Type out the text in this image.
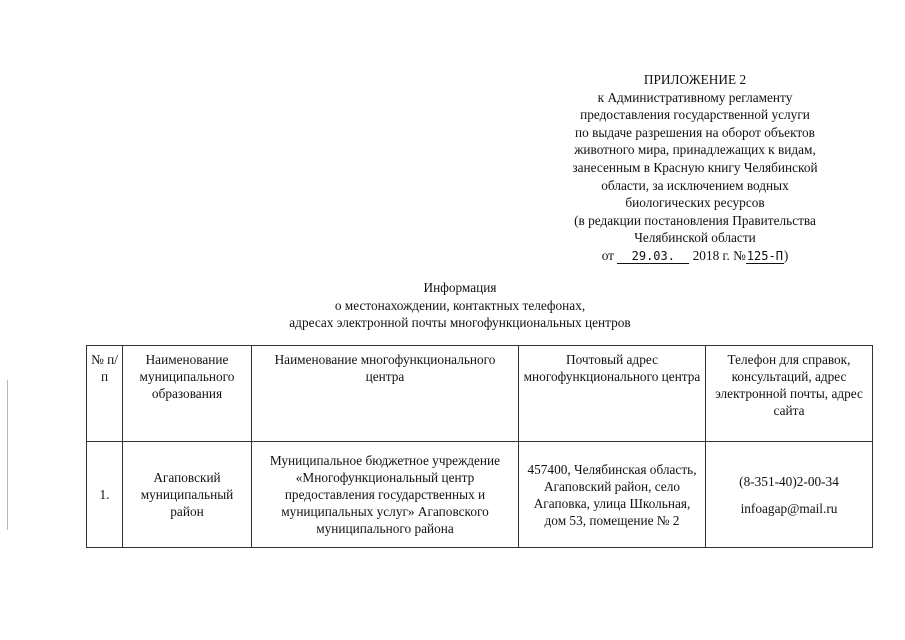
ПРИЛОЖЕНИЕ 2
к Административному регламенту
предоставления государственной услуги
по выдаче разрешения на оборот объектов
животного мира, принадлежащих к видам,
занесенным в Красную книгу Челябинской
области, за исключением водных
биологических ресурсов
(в редакции постановления Правительства
Челябинской области
от 29.03. 2018 г. №125-П)
Информация
о местонахождении, контактных телефонах,
адресах электронной почты многофункциональных центров
№ п/п	Наименование муниципального образования	Наименование многофункционального центра	Почтовый адрес многофункционального центра	Телефон для справок, консультаций, адрес электронной почты, адрес сайта
1.	Агаповский муниципальный район	Муниципальное бюджетное учреждение «Многофункциональный центр предоставления государственных и муниципальных услуг» Агаповского муниципального района	457400, Челябинская область, Агаповский район, село Агаповка, улица Школьная, дом 53, помещение № 2	(8-351-40)2-00-34
infoagap@mail.ru
